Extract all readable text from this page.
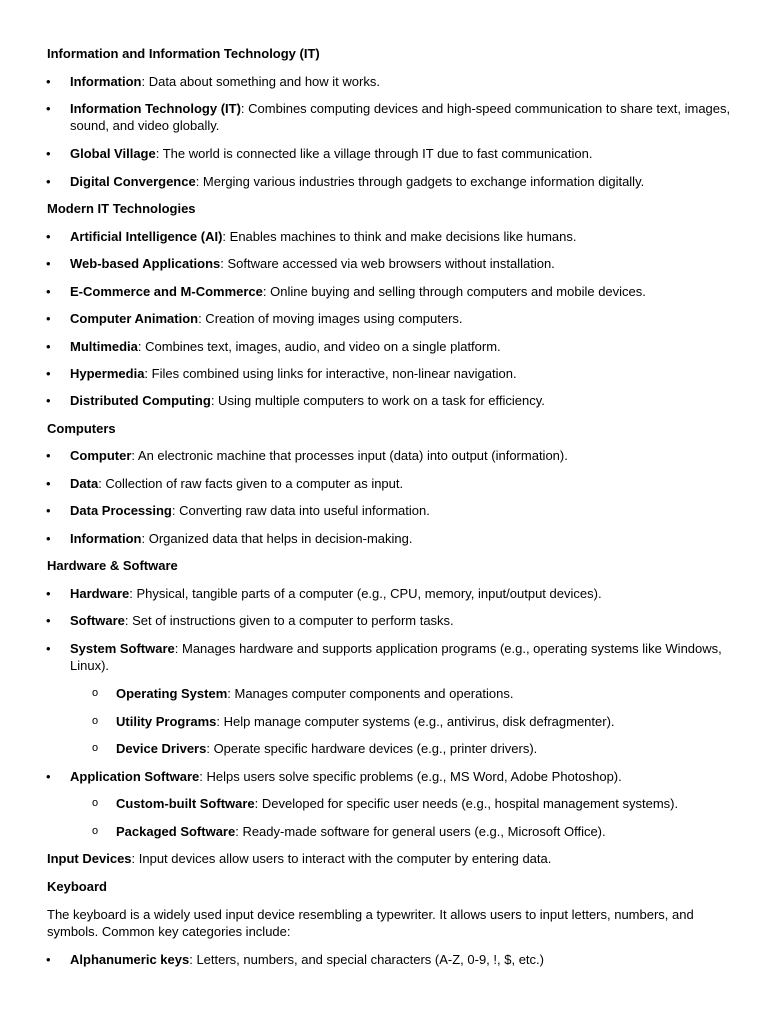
Information and Information Technology (IT)

•	Information: Data about something and how it works.

•	Information Technology (IT): Combines computing devices and high-speed communication to share text, images, sound, and video globally.

•	Global Village: The world is connected like a village through IT due to fast communication.

•	Digital Convergence: Merging various industries through gadgets to exchange information digitally.

Modern IT Technologies

•	Artificial Intelligence (AI): Enables machines to think and make decisions like humans.

•	Web-based Applications: Software accessed via web browsers without installation.

•	E-Commerce and M-Commerce: Online buying and selling through computers and mobile devices.

•	Computer Animation: Creation of moving images using computers.

•	Multimedia: Combines text, images, audio, and video on a single platform.

•	Hypermedia: Files combined using links for interactive, non-linear navigation.

•	Distributed Computing: Using multiple computers to work on a task for efficiency.

Computers

•	Computer: An electronic machine that processes input (data) into output (information).

•	Data: Collection of raw facts given to a computer as input.

•	Data Processing: Converting raw data into useful information.

•	Information: Organized data that helps in decision-making.

Hardware & Software

•	Hardware: Physical, tangible parts of a computer (e.g., CPU, memory, input/output devices).

•	Software: Set of instructions given to a computer to perform tasks.

•	System Software: Manages hardware and supports application programs (e.g., operating systems like Windows, Linux).

o Operating System: Manages computer components and operations.

o Utility Programs: Help manage computer systems (e.g., antivirus, disk defragmenter).

o Device Drivers: Operate specific hardware devices (e.g., printer drivers).

•	Application Software: Helps users solve specific problems (e.g., MS Word, Adobe Photoshop).

o Custom-built Software: Developed for specific user needs (e.g., hospital management systems).

o Packaged Software: Ready-made software for general users (e.g., Microsoft Office).

Input Devices: Input devices allow users to interact with the computer by entering data.

Keyboard

The keyboard is a widely used input device resembling a typewriter. It allows users to input letters, numbers, and symbols. Common key categories include:

•	Alphanumeric keys: Letters, numbers, and special characters (A-Z, 0-9, !, $, etc.)
